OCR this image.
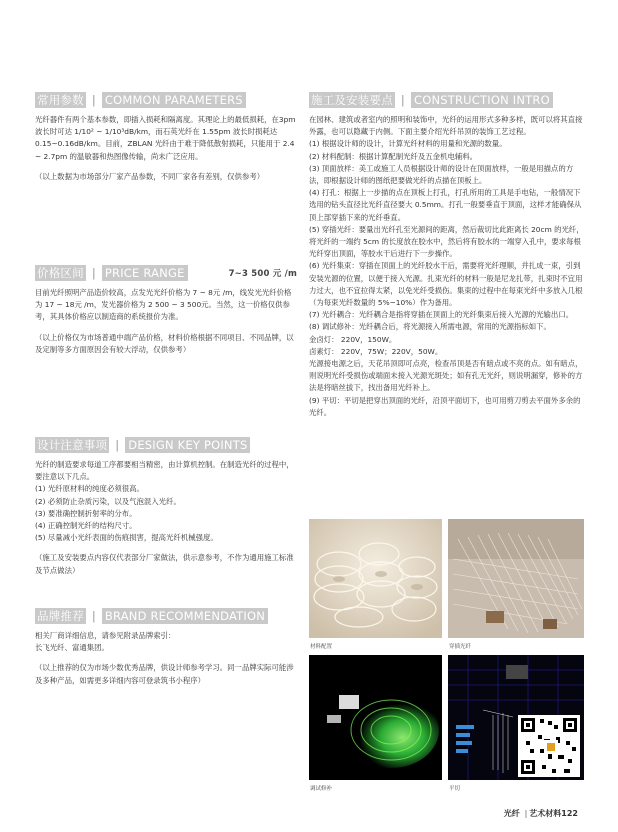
常用参数 | COMMON PARAMETERS

光纤器件有两个基本参数，即插入损耗和隔离度。其理论上的最低损耗，在3pm 波长时可达 1/10² ~ 1/10³dB/km，而石英光纤在 1.55pm 波长时损耗达 0.15~0.16dB/km。目前，ZBLAN 光纤由于难于降低散射损耗，只能用于 2.4 ~ 2.7pm 的温敏器和热图像传输，尚未广泛应用。

（以上数据为市场部分厂家产品参数，不同厂家各有差别，仅供参考）

价格区间 | PRICE RANGE	7~3 500 元 /m

目前光纤照明产品造价较高，点发光光纤价格为 7 ~ 8元 /m，线发光光纤价格为 17 ~ 18元 /m，发光器价格为 2 500 ~ 3 500元。当然，这一价格仅供参考，其具体价格应以制造商的系统报价为准。

（以上价格仅为市场普通中端产品价格，材料价格根据不同项目、不同品牌，以及定制等多方面原因会有较大浮动，仅供参考）

设计注意事项 | DESIGN KEY POINTS

光纤的制造要求每道工序都要相当精密，由计算机控制。在制造光纤的过程中，要注意以下几点。

(1) 光纤原材料的纯度必须很高。

(2) 必须防止杂质污染，以及气泡混入光纤。

(3) 要准确控制折射率的分布。

(4) 正确控制光纤的结构尺寸。

(5) 尽量减小光纤表面的伤痕损害，提高光纤机械强度。

（施工及安装要点内容仅代表部分厂家做法，供示意参考，不作为通用施工标准及节点做法）

品牌推荐 | BRAND RECOMMENDATION

相关厂商详细信息，请参见附录品牌索引：

长飞光纤、富通集团。

（以上推荐的仅为市场少数优秀品牌，供设计师参考学习。同一品牌实际可能涉及多种产品，如需更多详细内容可登录筑书小程序）

施工及安装要点 | CONSTRUCTION INTRO

在园林、建筑或者室内的照明和装饰中，光纤的运用形式多种多样，既可以将其直接外露，也可以隐藏于内侧。下面主要介绍光纤吊顶的装饰工艺过程。

(1) 根据设计师的设计，计算光纤材料的用量和光源的数量。

(2) 材料配制：根据计算配制光纤及五金机电辅料。

(3) 顶面放样：美工或施工人员根据设计师的设计在顶面放样，一般是用描点的方法，即根据设计师的图纸把要做光纤的点描在顶板上。

(4) 打孔：根据上一步描的点在顶板上打孔，打孔所用的工具是手电钻，一般情况下选用的钻头直径比光纤直径要大 0.5mm。打孔一般要垂直于顶面，这样才能确保从顶上部穿插下来的光纤垂直。

(5) 穿插光纤：要量出光纤孔至光源间的距离，然后裁切比此距离长 20cm 的光纤，将光纤的一端约 5cm 的长度放在胶水中，然后将有胶水的一端穿入孔中，要求每根光纤穿出顶面，等胶水干后进行下一步操作。

(6) 光纤集束：穿插在顶面上的光纤胶水干后，需要将光纤理顺，并扎成一束，引到安装光源的位置，以便于接入光源。扎束光纤的材料一般是尼龙扎带，扎束时不宜用力过大，也不宜拉得太紧，以免光纤受损伤。集束的过程中在每束光纤中多放入几根（为每束光纤数量的 5%~10%）作为备用。

(7) 光纤耦合：光纤耦合是指将穿插在顶面上的光纤集束后接入光源的光输出口。

(8) 调试修补：光纤耦合后，将光源接入所需电源，常用的光源指标如下。

金卤灯： 220V，150W。

卤素灯： 220V，75W；220V，50W。

光源接电源之后，天花吊顶即可点亮，检查吊顶是否有暗点或不亮的点。如有暗点，则说明光纤受损伤或端面未接入光源光斑处；如有孔无光纤，则说明漏穿，修补的方法是将暗丝拔下，找出备用光纤补上。

(9) 平切：平切是把穿出顶面的光纤，沿顶平面切下，也可用剪刀剪去平面外多余的光纤。

材料配置	穿插光纤
调试修补	平切
光纤 | 艺术材料122
